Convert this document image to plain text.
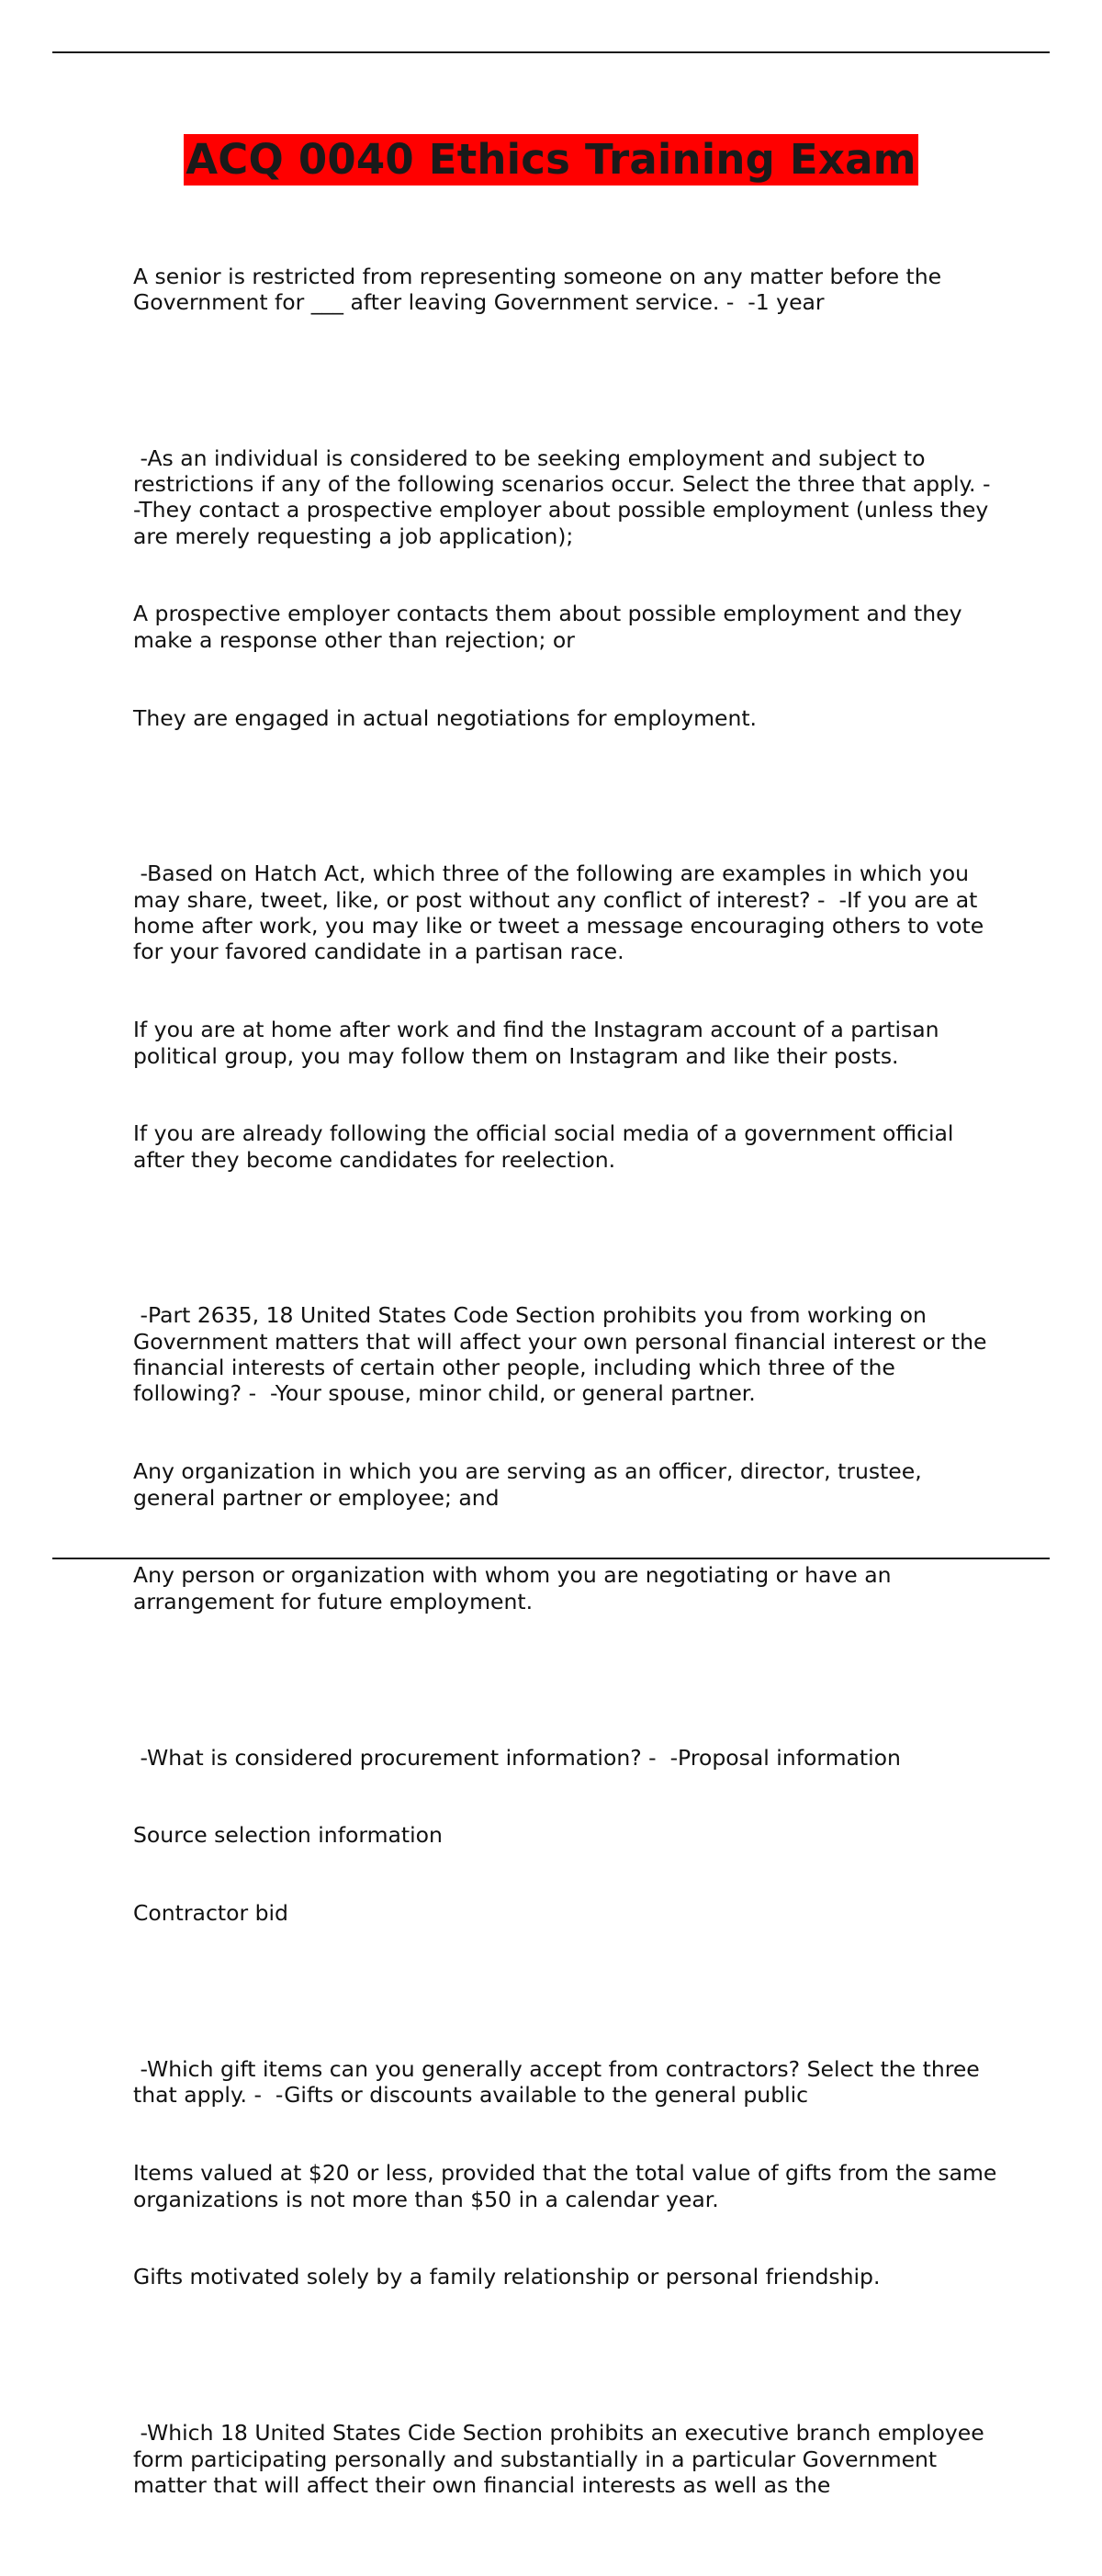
ACQ 0040 Ethics Training Exam

A senior is restricted from representing someone on any matter before the Government for ___ after leaving Government service. -  -1 year

-As an individual is considered to be seeking employment and subject to restrictions if any of the following scenarios occur. Select the three that apply. -  -They contact a prospective employer about possible employment (unless they are merely requesting a job application);

A prospective employer contacts them about possible employment and they make a response other than rejection; or

They are engaged in actual negotiations for employment.

-Based on Hatch Act, which three of the following are examples in which you may share, tweet, like, or post without any conflict of interest? -  -If you are at home after work, you may like or tweet a message encouraging others to vote for your favored candidate in a partisan race.

If you are at home after work and find the Instagram account of a partisan political group, you may follow them on Instagram and like their posts.

If you are already following the official social media of a government official after they become candidates for reelection.

-Part 2635, 18 United States Code Section prohibits you from working on Government matters that will affect your own personal financial interest or the financial interests of certain other people, including which three of the following? -  -Your spouse, minor child, or general partner.

Any organization in which you are serving as an officer, director, trustee, general partner or employee; and

Any person or organization with whom you are negotiating or have an arrangement for future employment.

-What is considered procurement information? -  -Proposal information

Source selection information

Contractor bid

-Which gift items can you generally accept from contractors? Select the three that apply. -  -Gifts or discounts available to the general public

Items valued at $20 or less, provided that the total value of gifts from the same organizations is not more than $50 in a calendar year.

Gifts motivated solely by a family relationship or personal friendship.

-Which 18 United States Cide Section prohibits an executive branch employee form participating personally and substantially in a particular Government matter that will affect their own financial interests as well as the
